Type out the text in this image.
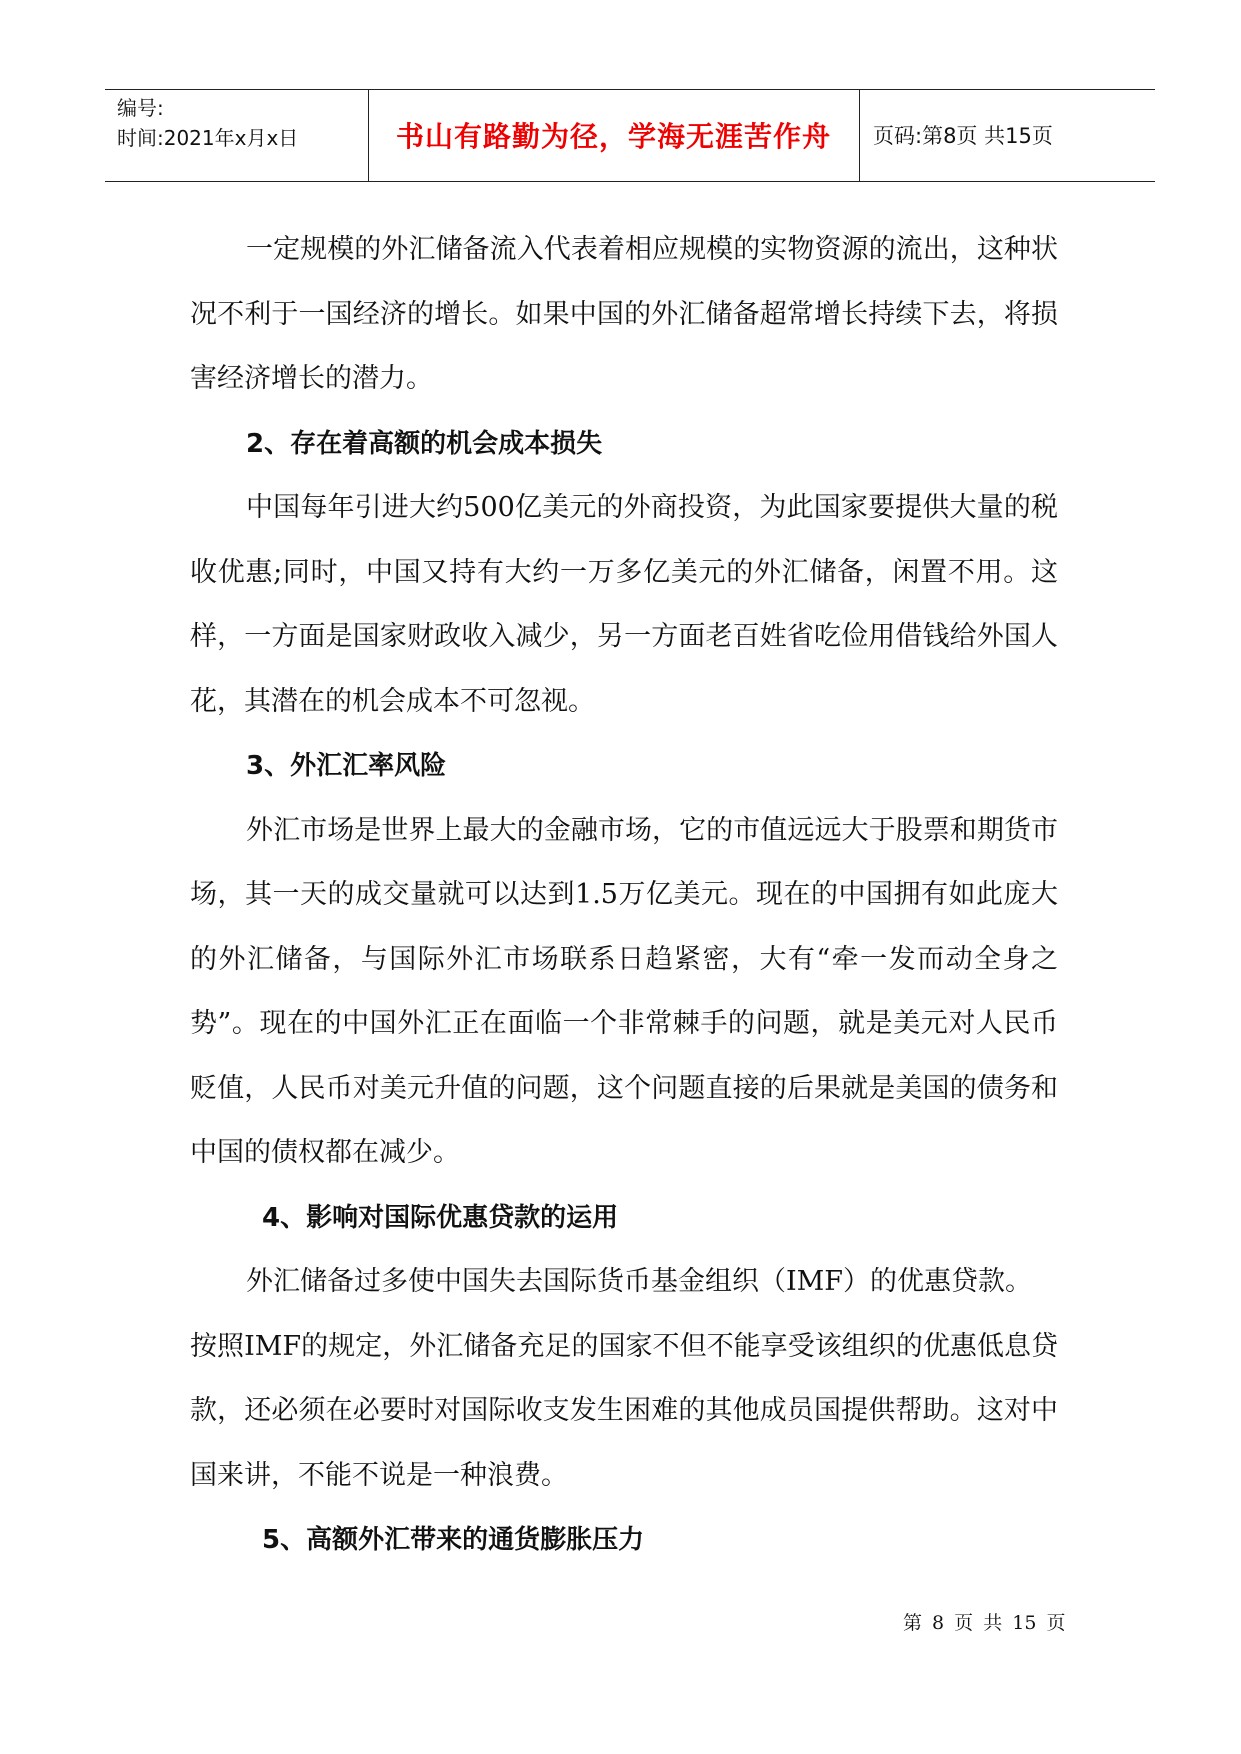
编号:
时间:2021年x月x日	书山有路勤为径，学海无涯苦作舟	页码:第8页 共15页

一定规模的外汇储备流入代表着相应规模的实物资源的流出，这种状况不利于一国经济的增长。如果中国的外汇储备超常增长持续下去，将损害经济增长的潜力。

2、存在着高额的机会成本损失

中国每年引进大约500亿美元的外商投资，为此国家要提供大量的税收优惠;同时，中国又持有大约一万多亿美元的外汇储备，闲置不用。这样，一方面是国家财政收入减少，另一方面老百姓省吃俭用借钱给外国人花，其潜在的机会成本不可忽视。

3、外汇汇率风险

外汇市场是世界上最大的金融市场，它的市值远远大于股票和期货市场，其一天的成交量就可以达到1.5万亿美元。现在的中国拥有如此庞大的外汇储备，与国际外汇市场联系日趋紧密，大有“牵一发而动全身之势”。现在的中国外汇正在面临一个非常棘手的问题，就是美元对人民币贬值，人民币对美元升值的问题，这个问题直接的后果就是美国的债务和中国的债权都在减少。

4、影响对国际优惠贷款的运用

外汇储备过多使中国失去国际货币基金组织（IMF）的优惠贷款。

按照IMF的规定，外汇储备充足的国家不但不能享受该组织的优惠低息贷款，还必须在必要时对国际收支发生困难的其他成员国提供帮助。这对中国来讲，不能不说是一种浪费。

5、高额外汇带来的通货膨胀压力

第 8 页 共 15 页
